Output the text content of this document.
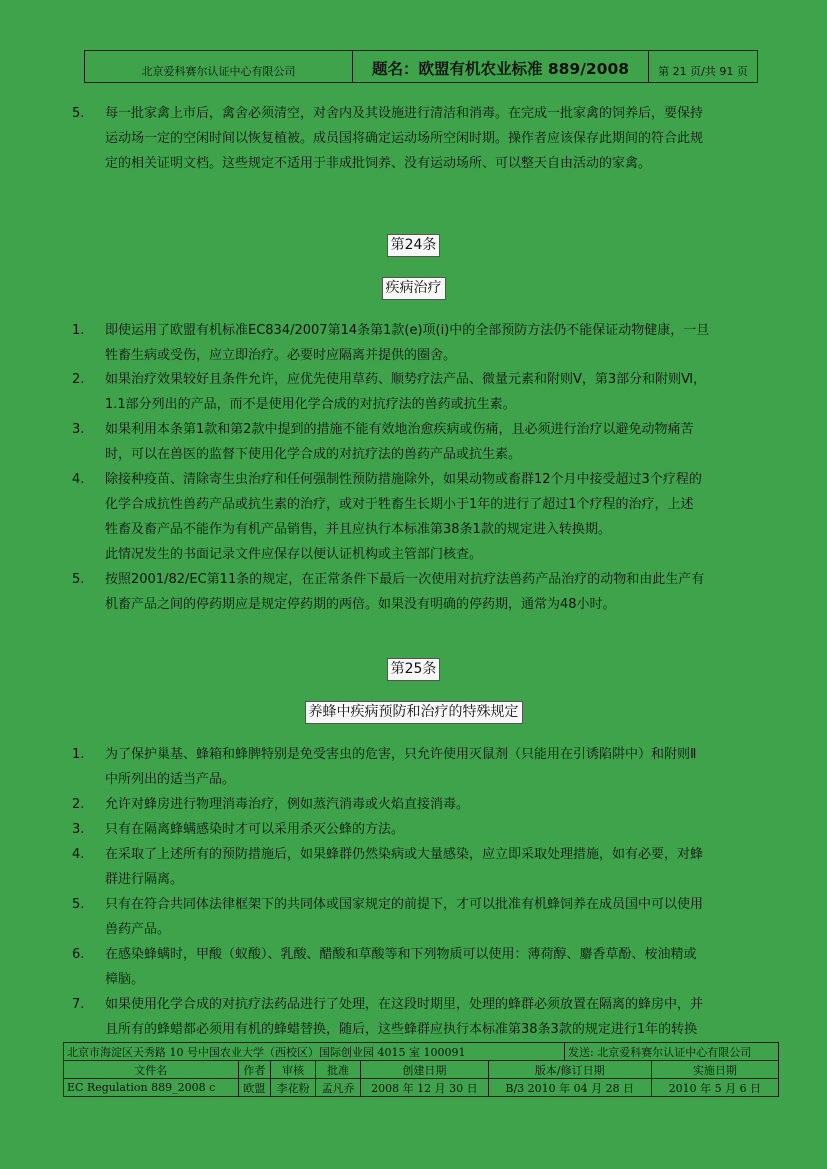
北京爱科赛尔认证中心有限公司	题名：欧盟有机农业标准 889/2008	第 21 页/共 91 页
5. 每一批家禽上市后，禽舍必须清空，对舍内及其设施进行清洁和消毒。在完成一批家禽的饲养后，要保持
运动场一定的空闲时间以恢复植被。成员国将确定运动场所空闲时期。操作者应该保存此期间的符合此规
定的相关证明文档。这些规定不适用于非成批饲养、没有运动场所、可以整天自由活动的家禽。
第24条
疾病治疗
1. 即使运用了欧盟有机标准EC834/2007第14条第1款(e)项(i)中的全部预防方法仍不能保证动物健康，一旦
牲畜生病或受伤，应立即治疗。必要时应隔离并提供的圈舍。
2. 如果治疗效果较好且条件允许，应优先使用草药、顺势疗法产品、微量元素和附则Ⅴ，第3部分和附则Ⅵ，
1.1部分列出的产品，而不是使用化学合成的对抗疗法的兽药或抗生素。
3. 如果利用本条第1款和第2款中提到的措施不能有效地治愈疾病或伤痛，且必须进行治疗以避免动物痛苦
时，可以在兽医的监督下使用化学合成的对抗疗法的兽药产品或抗生素。
4. 除接种疫苗、清除寄生虫治疗和任何强制性预防措施除外，如果动物或畜群12个月中接受超过3个疗程的
化学合成抗性兽药产品或抗生素的治疗，或对于牲畜生长期小于1年的进行了超过1个疗程的治疗，上述
牲畜及畜产品不能作为有机产品销售，并且应执行本标准第38条1款的规定进入转换期。
此情况发生的书面记录文件应保存以便认证机构或主管部门核查。
5. 按照2001/82/EC第11条的规定，在正常条件下最后一次使用对抗疗法兽药产品治疗的动物和由此生产有
机畜产品之间的停药期应是规定停药期的两倍。如果没有明确的停药期，通常为48小时。
第25条
养蜂中疾病预防和治疗的特殊规定
1. 为了保护巢基、蜂箱和蜂脾特别是免受害虫的危害，只允许使用灭鼠剂（只能用在引诱陷阱中）和附则Ⅱ
中所列出的适当产品。
2. 允许对蜂房进行物理消毒治疗，例如蒸汽消毒或火焰直接消毒。
3. 只有在隔离蜂螨感染时才可以采用杀灭公蜂的方法。
4. 在采取了上述所有的预防措施后，如果蜂群仍然染病或大量感染，应立即采取处理措施，如有必要，对蜂
群进行隔离。
5. 只有在符合共同体法律框架下的共同体或国家规定的前提下，才可以批准有机蜂饲养在成员国中可以使用
兽药产品。
6. 在感染蜂螨时，甲酸（蚁酸）、乳酸、醋酸和草酸等和下列物质可以使用：薄荷醇、麝香草酚、桉油精或
樟脑。
7. 如果使用化学合成的对抗疗法药品进行了处理，在这段时期里，处理的蜂群必须放置在隔离的蜂房中，并
且所有的蜂蜡都必须用有机的蜂蜡替换，随后，这些蜂群应执行本标准第38条3款的规定进行1年的转换
北京市海淀区天秀路 10 号中国农业大学（西校区）国际创业园 4015 室 100091						发送: 北京爱科赛尔认证中心有限公司	
文件名	作者	审核	批准	创建日期	版本/修订日期		实施日期
EC Regulation 889_2008 c	欧盟	李花粉	孟凡乔	2008 年 12 月 30 日	B/3 2010 年 04 月 28 日		2010 年 5 月 6 日
